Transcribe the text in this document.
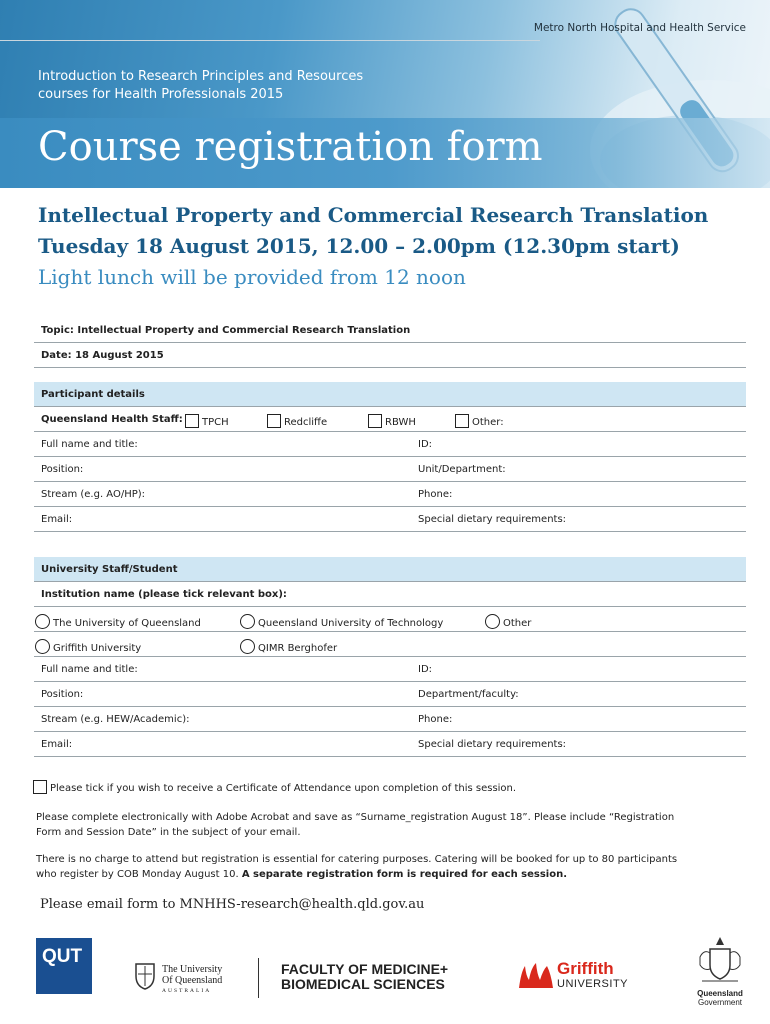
Metro North Hospital and Health Service
Introduction to Research Principles and Resources
courses for Health Professionals 2015
Course registration form
Intellectual Property and Commercial Research Translation
Tuesday 18 August 2015, 12.00 – 2.00pm (12.30pm start)
Light lunch will be provided from 12 noon
Topic: Intellectual Property and Commercial Research Translation
Date: 18 August 2015
Participant details
Queensland Health Staff:	TPCH	Redcliffe	RBWH	Other:
Full name and title:	ID:
Position:	Unit/Department:
Stream (e.g. AO/HP):	Phone:
Email:	Special dietary requirements:
University Staff/Student
Institution name (please tick relevant box):
The University of Queensland	Queensland University of Technology	Other
Griffith University	QIMR Berghofer
Full name and title:	ID:
Position:	Department/faculty:
Stream (e.g. HEW/Academic):	Phone:
Email:	Special dietary requirements:
Please tick if you wish to receive a Certificate of Attendance upon completion of this session.
Please complete electronically with Adobe Acrobat and save as “Surname_registration August 18”. Please include “Registration
Form and Session Date” in the subject of your email.
There is no charge to attend but registration is essential for catering purposes. Catering will be booked for up to 80 participants
who register by COB Monday August 10. A separate registration form is required for each session.
Please email form to MNHHS-research@health.qld.gov.au
QUT
The University
Of Queensland
AUSTRALIA
FACULTY OF MEDICINE+
BIOMEDICAL SCIENCES
Griffith
UNIVERSITY
Queensland
Government
